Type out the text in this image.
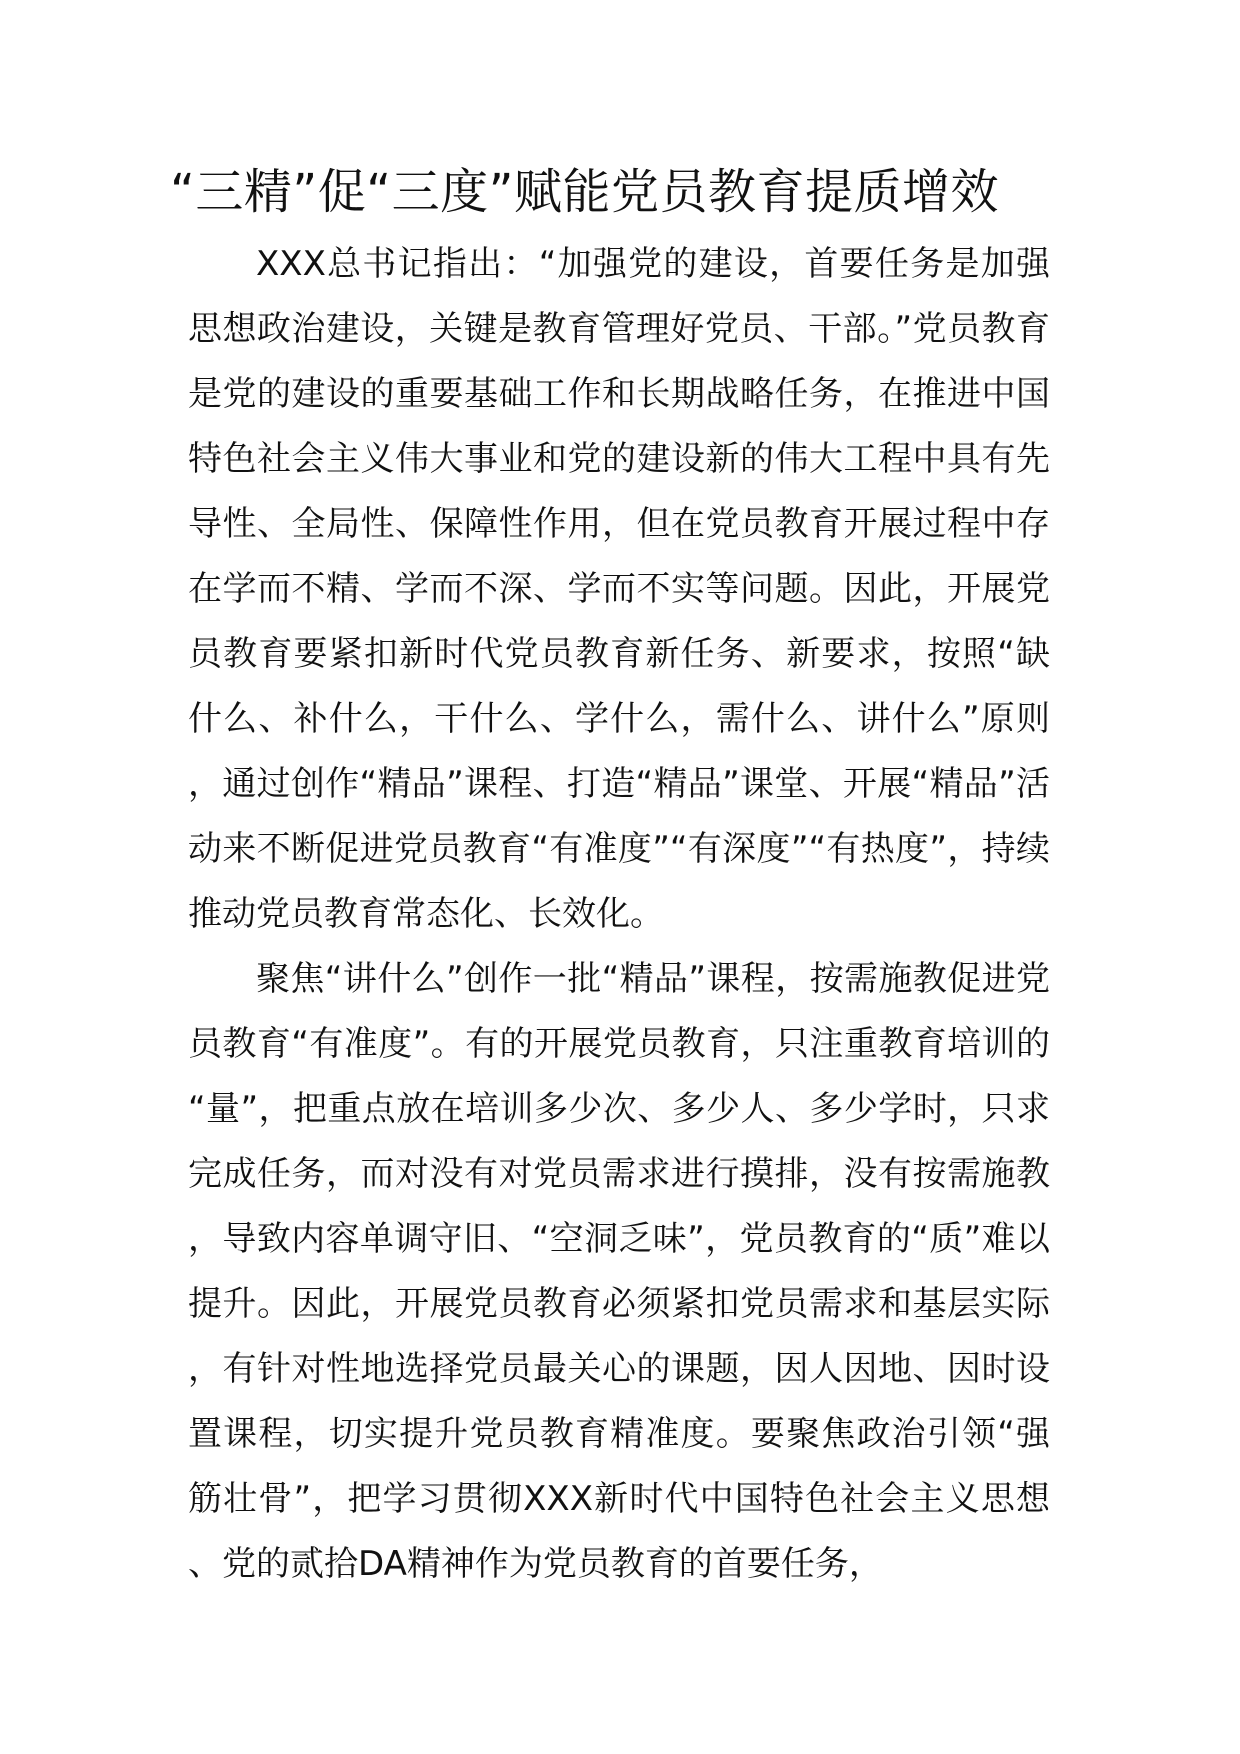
“三精”促“三度”赋能党员教育提质增效

XXX总书记指出：“加强党的建设，首要任务是加强思想政治建设，关键是教育管理好党员、干部。”党员教育是党的建设的重要基础工作和长期战略任务，在推进中国特色社会主义伟大事业和党的建设新的伟大工程中具有先导性、全局性、保障性作用，但在党员教育开展过程中存在学而不精、学而不深、学而不实等问题。因此，开展党员教育要紧扣新时代党员教育新任务、新要求，按照“缺什么、补什么，干什么、学什么，需什么、讲什么”原则，通过创作“精品”课程、打造“精品”课堂、开展“精品”活动来不断促进党员教育“有准度”“有深度”“有热度”，持续推动党员教育常态化、长效化。

聚焦“讲什么”创作一批“精品”课程，按需施教促进党员教育“有准度”。有的开展党员教育，只注重教育培训的“量”，把重点放在培训多少次、多少人、多少学时，只求完成任务，而对没有对党员需求进行摸排，没有按需施教，导致内容单调守旧、“空洞乏味”，党员教育的“质”难以提升。因此，开展党员教育必须紧扣党员需求和基层实际，有针对性地选择党员最关心的课题，因人因地、因时设置课程，切实提升党员教育精准度。要聚焦政治引领“强筋壮骨”，把学习贯彻XXX新时代中国特色社会主义思想、党的贰拾DA精神作为党员教育的首要任务，
